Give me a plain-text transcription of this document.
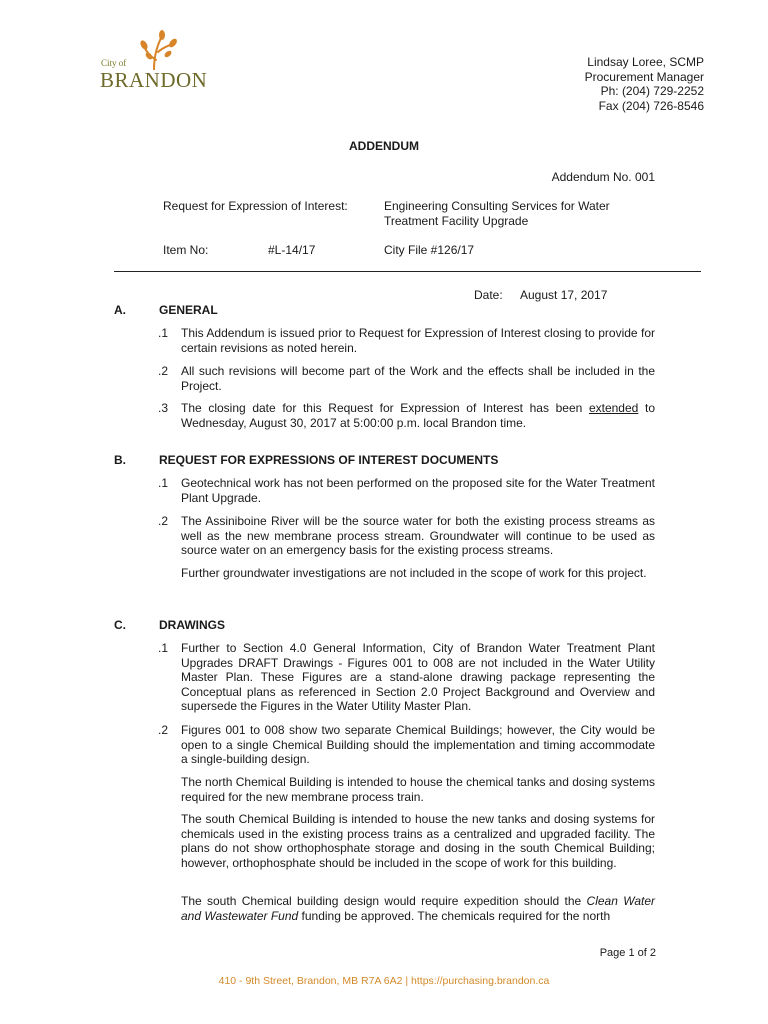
City of
BRANDON
Lindsay Loree, SCMP
Procurement Manager
Ph: (204) 729-2252
Fax (204) 726-8546
ADDENDUM
Addendum No. 001
Request for Expression of Interest:	Engineering Consulting Services for Water
Treatment Facility Upgrade
Item No:	#L-14/17	City File #126/17
Date: August 17, 2017
A.	GENERAL
.1 This Addendum is issued prior to Request for Expression of Interest closing to provide for certain revisions as noted herein.
.2 All such revisions will become part of the Work and the effects shall be included in the Project.
.3 The closing date for this Request for Expression of Interest has been extended to Wednesday, August 30, 2017 at 5:00:00 p.m. local Brandon time.
B.	REQUEST FOR EXPRESSIONS OF INTEREST DOCUMENTS
.1 Geotechnical work has not been performed on the proposed site for the Water Treatment Plant Upgrade.
.2 The Assiniboine River will be the source water for both the existing process streams as well as the new membrane process stream. Groundwater will continue to be used as source water on an emergency basis for the existing process streams.
Further groundwater investigations are not included in the scope of work for this project.
C.	DRAWINGS
.1 Further to Section 4.0 General Information, City of Brandon Water Treatment Plant Upgrades DRAFT Drawings - Figures 001 to 008 are not included in the Water Utility Master Plan. These Figures are a stand-alone drawing package representing the Conceptual plans as referenced in Section 2.0 Project Background and Overview and supersede the Figures in the Water Utility Master Plan.
.2 Figures 001 to 008 show two separate Chemical Buildings; however, the City would be open to a single Chemical Building should the implementation and timing accommodate a single-building design.
The north Chemical Building is intended to house the chemical tanks and dosing systems required for the new membrane process train.
The south Chemical Building is intended to house the new tanks and dosing systems for chemicals used in the existing process trains as a centralized and upgraded facility. The plans do not show orthophosphate storage and dosing in the south Chemical Building; however, orthophosphate should be included in the scope of work for this building.
The south Chemical building design would require expedition should the Clean Water and Wastewater Fund funding be approved. The chemicals required for the north
Page 1 of 2
410 - 9th Street, Brandon, MB R7A 6A2 | https://purchasing.brandon.ca
